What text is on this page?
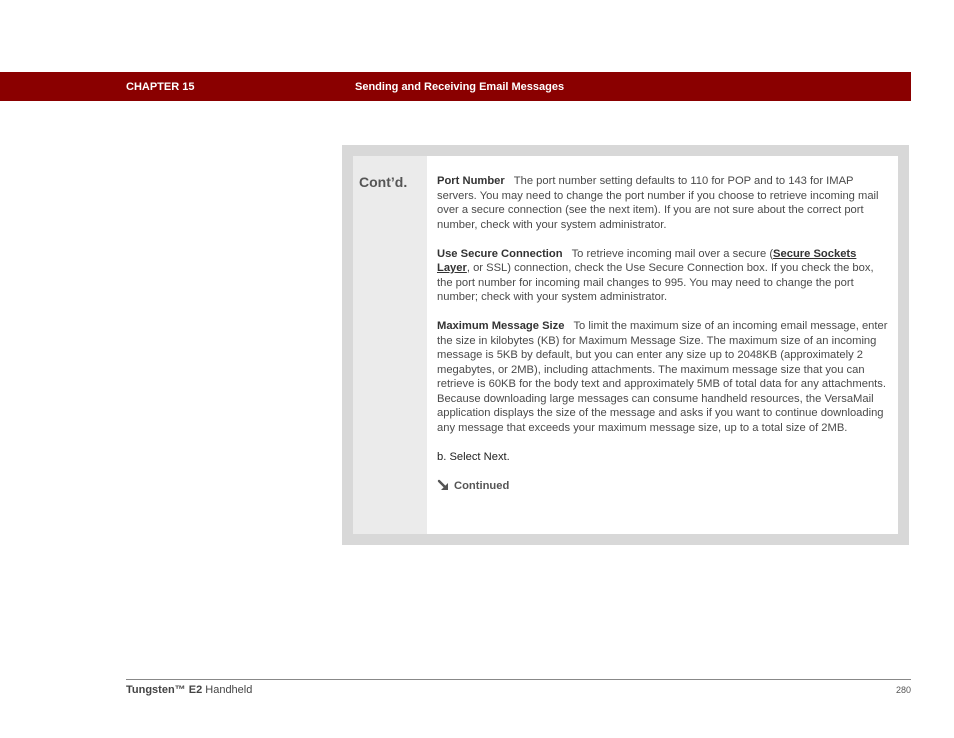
CHAPTER 15	Sending and Receiving Email Messages
Cont’d.	Port Number The port number setting defaults to 110 for POP and to 143 for IMAP servers. You may need to change the port number if you choose to retrieve incoming mail over a secure connection (see the next item). If you are not sure about the correct port number, check with your system administrator.

Use Secure Connection To retrieve incoming mail over a secure (Secure Sockets Layer, or SSL) connection, check the Use Secure Connection box. If you check the box, the port number for incoming mail changes to 995. You may need to change the port number; check with your system administrator.

Maximum Message Size To limit the maximum size of an incoming email message, enter the size in kilobytes (KB) for Maximum Message Size. The maximum size of an incoming message is 5KB by default, but you can enter any size up to 2048KB (approximately 2 megabytes, or 2MB), including attachments. The maximum message size that you can retrieve is 60KB for the body text and approximately 5MB of total data for any attachments. Because downloading large messages can consume handheld resources, the VersaMail application displays the size of the message and asks if you want to continue downloading any message that exceeds your maximum message size, up to a total size of 2MB.

b. Select Next.

Continued
Tungsten™ E2 Handheld	280
